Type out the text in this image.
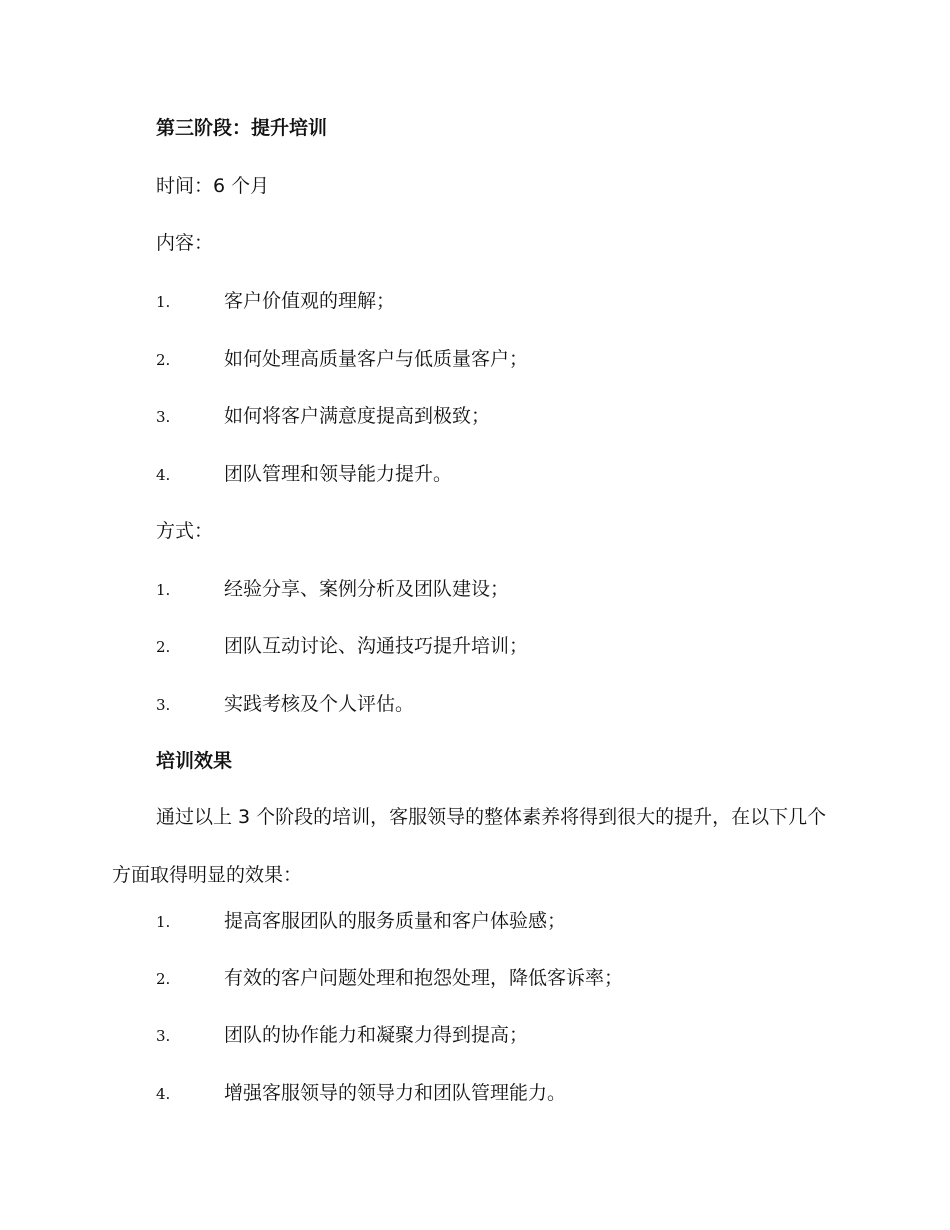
第三阶段：提升培训
时间：6 个月
内容：
1.	客户价值观的理解；
2.	如何处理高质量客户与低质量客户；
3.	如何将客户满意度提高到极致；
4.	团队管理和领导能力提升。
方式：
1.	经验分享、案例分析及团队建设；
2.	团队互动讨论、沟通技巧提升培训；
3.	实践考核及个人评估。
培训效果

通过以上 3 个阶段的培训，客服领导的整体素养将得到很大的提升，在以下几个方面取得明显的效果：

1.	提高客服团队的服务质量和客户体验感；
2.	有效的客户问题处理和抱怨处理，降低客诉率；
3.	团队的协作能力和凝聚力得到提高；
4.	增强客服领导的领导力和团队管理能力。
